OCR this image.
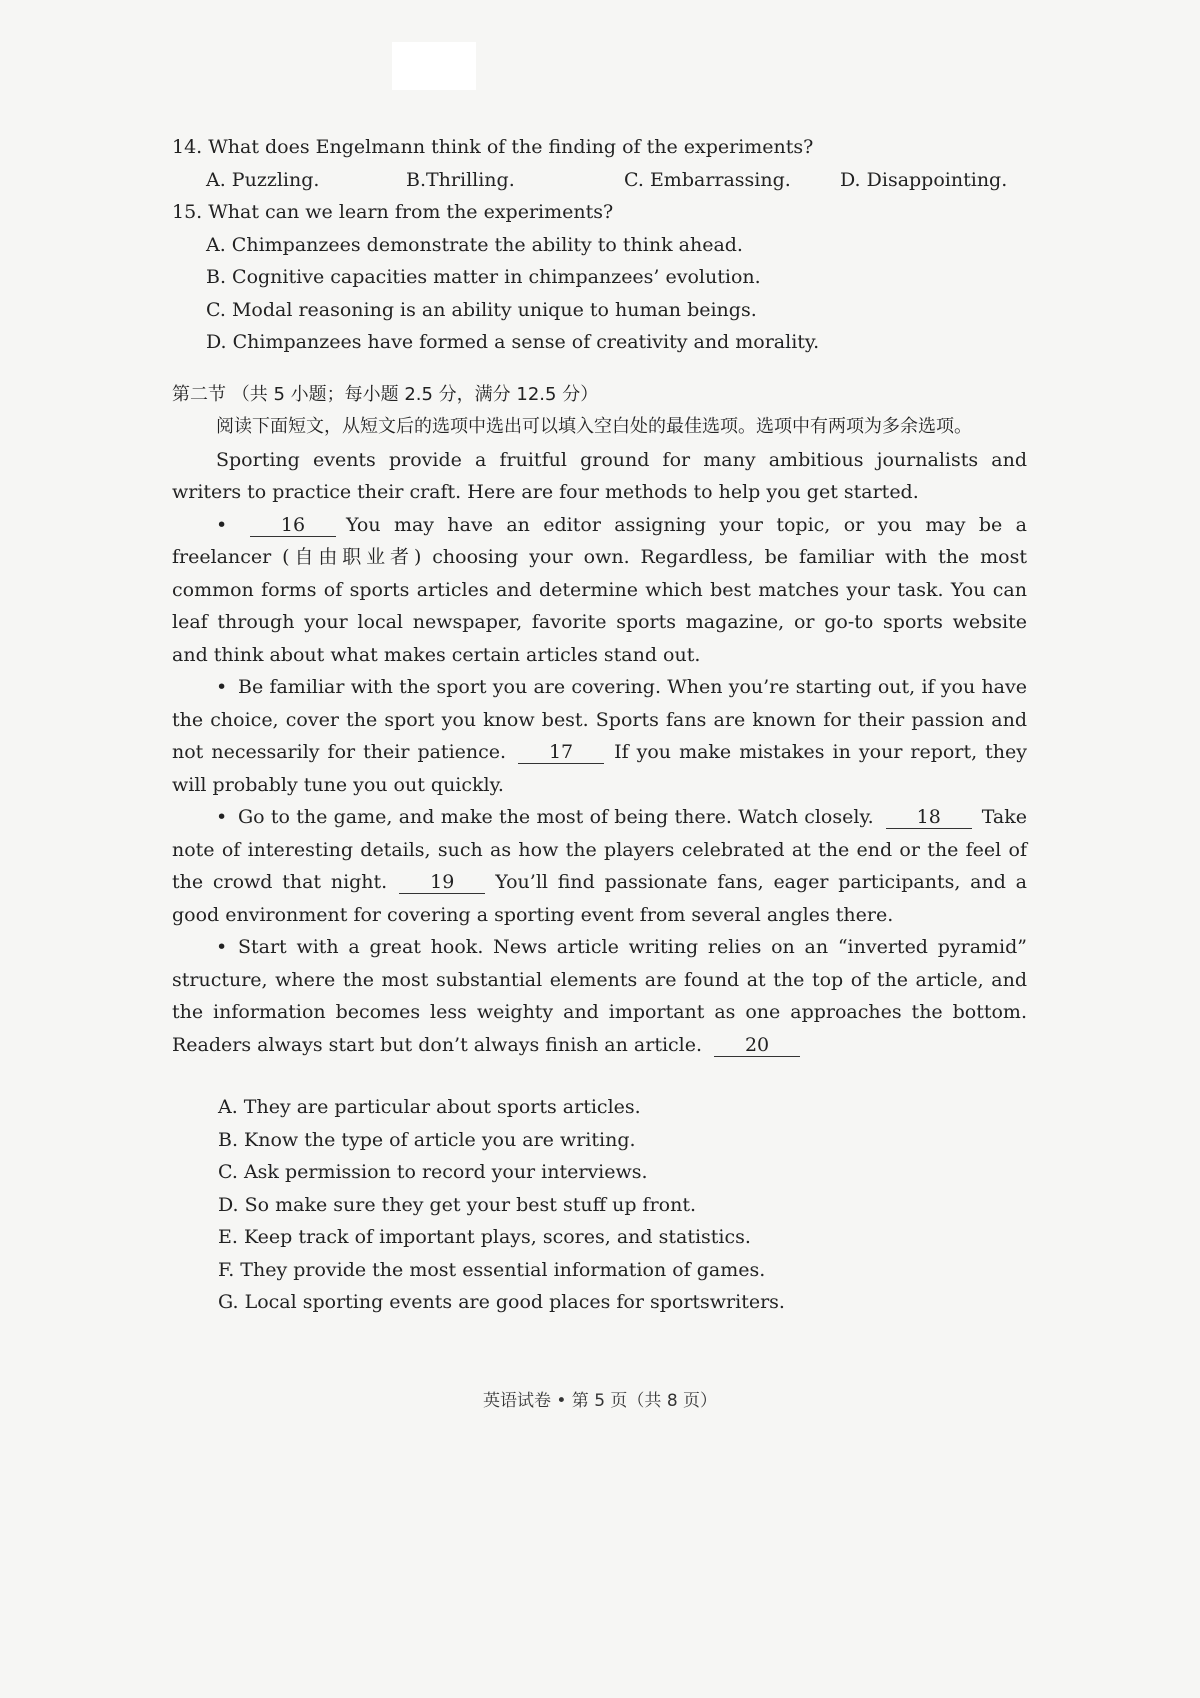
14. What does Engelmann think of the finding of the experiments?

A. Puzzling.	B.Thrilling.	C. Embarrassing.	D. Disappointing.

15. What can we learn from the experiments?

A. Chimpanzees demonstrate the ability to think ahead.

B. Cognitive capacities matter in chimpanzees’ evolution.

C. Modal reasoning is an ability unique to human beings.

D. Chimpanzees have formed a sense of creativity and morality.

第二节 （共 5 小题；每小题 2.5 分，满分 12.5 分）

阅读下面短文，从短文后的选项中选出可以填入空白处的最佳选项。选项中有两项为多余选项。

Sporting events provide a fruitful ground for many ambitious journalists and writers to practice their craft. Here are four methods to help you get started.

•	16 You may have an editor assigning your topic, or you may be a freelancer (自由职业者) choosing your own. Regardless, be familiar with the most common forms of sports articles and determine which best matches your task. You can leaf through your local newspaper, favorite sports magazine, or go-to sports website and think about what makes certain articles stand out.

• Be familiar with the sport you are covering. When you’re starting out, if you have the choice, cover the sport you know best. Sports fans are known for their passion and not necessarily for their patience. 17 If you make mistakes in your report, they will probably tune you out quickly.

• Go to the game, and make the most of being there. Watch closely. 18 Take note of interesting details, such as how the players celebrated at the end or the feel of the crowd that night. 19 You’ll find passionate fans, eager participants, and a good environment for covering a sporting event from several angles there.

• Start with a great hook. News article writing relies on an “inverted pyramid” structure, where the most substantial elements are found at the top of the article, and the information becomes less weighty and important as one approaches the bottom. Readers always start but don’t always finish an article. 20

A. They are particular about sports articles.

B. Know the type of article you are writing.

C. Ask permission to record your interviews.

D. So make sure they get your best stuff up front.

E. Keep track of important plays, scores, and statistics.

F. They provide the most essential information of games.

G. Local sporting events are good places for sportswriters.

英语试卷 • 第 5 页（共 8 页）
